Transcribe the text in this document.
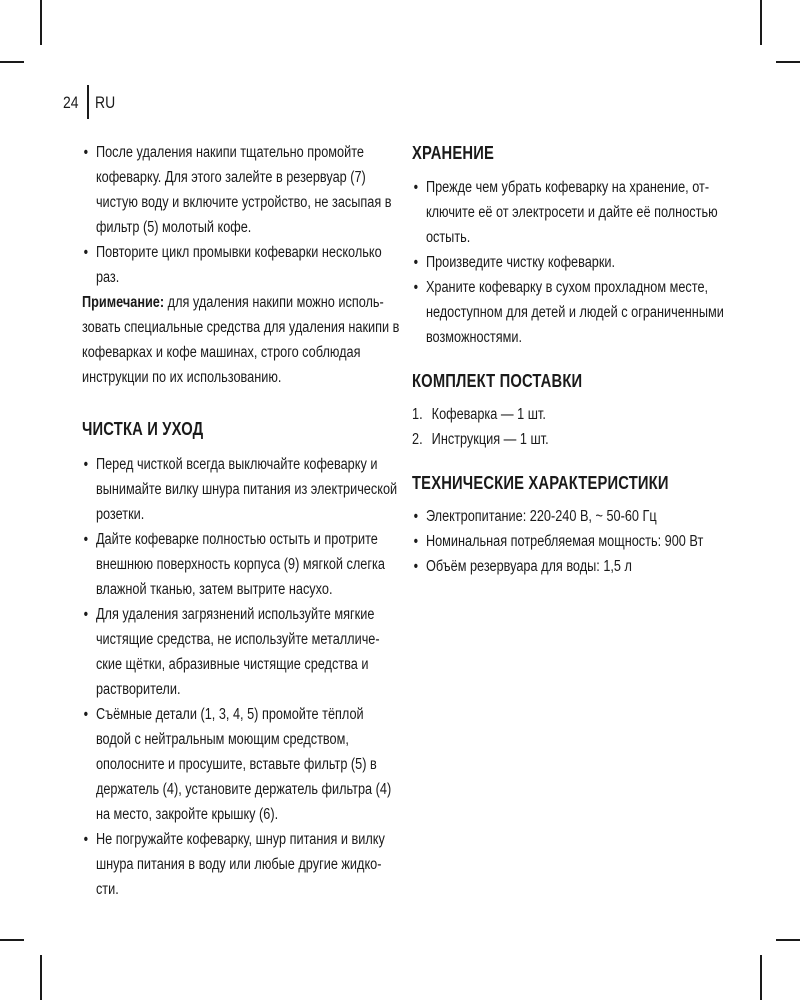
24 RU
• После удаления накипи тщательно промойте кофеварку. Для этого залейте в резервуар (7) чистую воду и включите устройство, не засыпая в фильтр (5) молотый кофе.
• Повторите цикл промывки кофеварки несколько раз.

Примечание: для удаления накипи можно исполь- зовать специальные средства для удаления накипи в кофеварках и кофе машинах, строго соблюдая инструкции по их использованию.

ЧИСТКА И УХОД
• Перед чисткой всегда выключайте кофеварку и вынимайте вилку шнура питания из электрической розетки.
• Дайте кофеварке полностью остыть и протрите внешнюю поверхность корпуса (9) мягкой слегка влажной тканью, затем вытрите насухо.
• Для удаления загрязнений используйте мягкие чистящие средства, не используйте металличе- ские щётки, абразивные чистящие средства и растворители.
• Съёмные детали (1, 3, 4, 5) промойте тёплой водой с нейтральным моющим средством, ополосните и просушите, вставьте фильтр (5) в держатель (4), установите держатель фильтра (4) на место, закройте крышку (6).
• Не погружайте кофеварку, шнур питания и вилку шнура питания в воду или любые другие жидко- сти.
ХРАНЕНИЕ
• Прежде чем убрать кофеварку на хранение, от- ключите её от электросети и дайте её полностью остыть.
• Произведите чистку кофеварки.
• Храните кофеварку в сухом прохладном месте, недоступном для детей и людей с ограниченными возможностями.
КОМПЛЕКТ ПОСТАВКИ
1. Кофеварка — 1 шт.
2. Инструкция — 1 шт.
ТЕХНИЧЕСКИЕ ХАРАКТЕРИСТИКИ
• Электропитание: 220-240 В, ~ 50-60 Гц
• Номинальная потребляемая мощность: 900 Вт
• Объём резервуара для воды: 1,5 л
